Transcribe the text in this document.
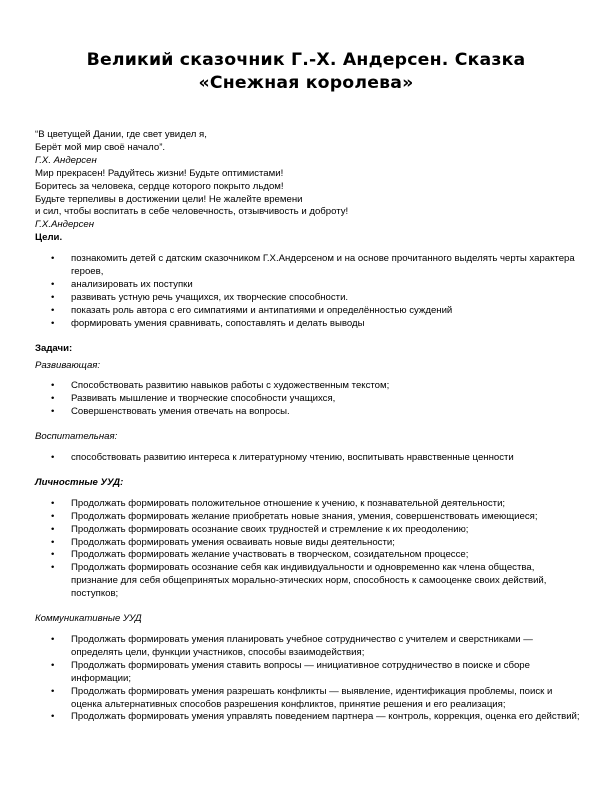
Великий сказочник Г.-Х. Андерсен. Сказка «Снежная королева»
“В цветущей Дании, где свет увидел я,
Берёт мой мир своё начало”.
Г.Х. Андерсен
Мир прекрасен! Радуйтесь жизни! Будьте оптимистами!
Боритесь за человека, сердце которого покрыто льдом!
Будьте терпеливы в достижении цели! Не жалейте времени
и сил, чтобы воспитать в себе человечность, отзывчивость и доброту!
Г.Х.Андерсен
Цели.
• познакомить детей с датским сказочником Г.Х.Андерсеном и на основе прочитанного выделять черты характера героев,
• анализировать их поступки
• развивать устную речь учащихся, их творческие способности.
• показать роль автора с его симпатиями и антипатиями и определённостью суждений
• формировать умения сравнивать, сопоставлять и делать выводы
Задачи:
Развивающая:
• Способствовать развитию навыков работы с художественным текстом;
• Развивать мышление и творческие способности учащихся,
• Совершенствовать умения отвечать на вопросы.
Воспитательная:
• способствовать развитию интереса к литературному чтению, воспитывать нравственные ценности
Личностные УУД:
• Продолжать формировать положительное отношение к учению, к познавательной деятельности;
• Продолжать формировать желание приобретать новые знания, умения, совершенствовать имеющиеся;
• Продолжать формировать осознание своих трудностей и стремление к их преодолению;
• Продолжать формировать умения осваивать новые виды деятельности;
• Продолжать формировать желание участвовать в творческом, созидательном процессе;
• Продолжать формировать осознание себя как индивидуальности и одновременно как члена общества, признание для себя общепринятых морально-этических норм, способность к самооценке своих действий, поступков;
Коммуникативные УУД
• Продолжать формировать умения планировать учебное сотрудничество с учителем и сверстниками — определять цели, функции участников, способы взаимодействия;
• Продолжать формировать умения ставить вопросы — инициативное сотрудничество в поиске и сборе информации;
• Продолжать формировать умения разрешать конфликты — выявление, идентификация проблемы, поиск и оценка альтернативных способов разрешения конфликтов, принятие решения и его реализация;
• Продолжать формировать умения управлять поведением партнера — контроль, коррекция, оценка его действий;
